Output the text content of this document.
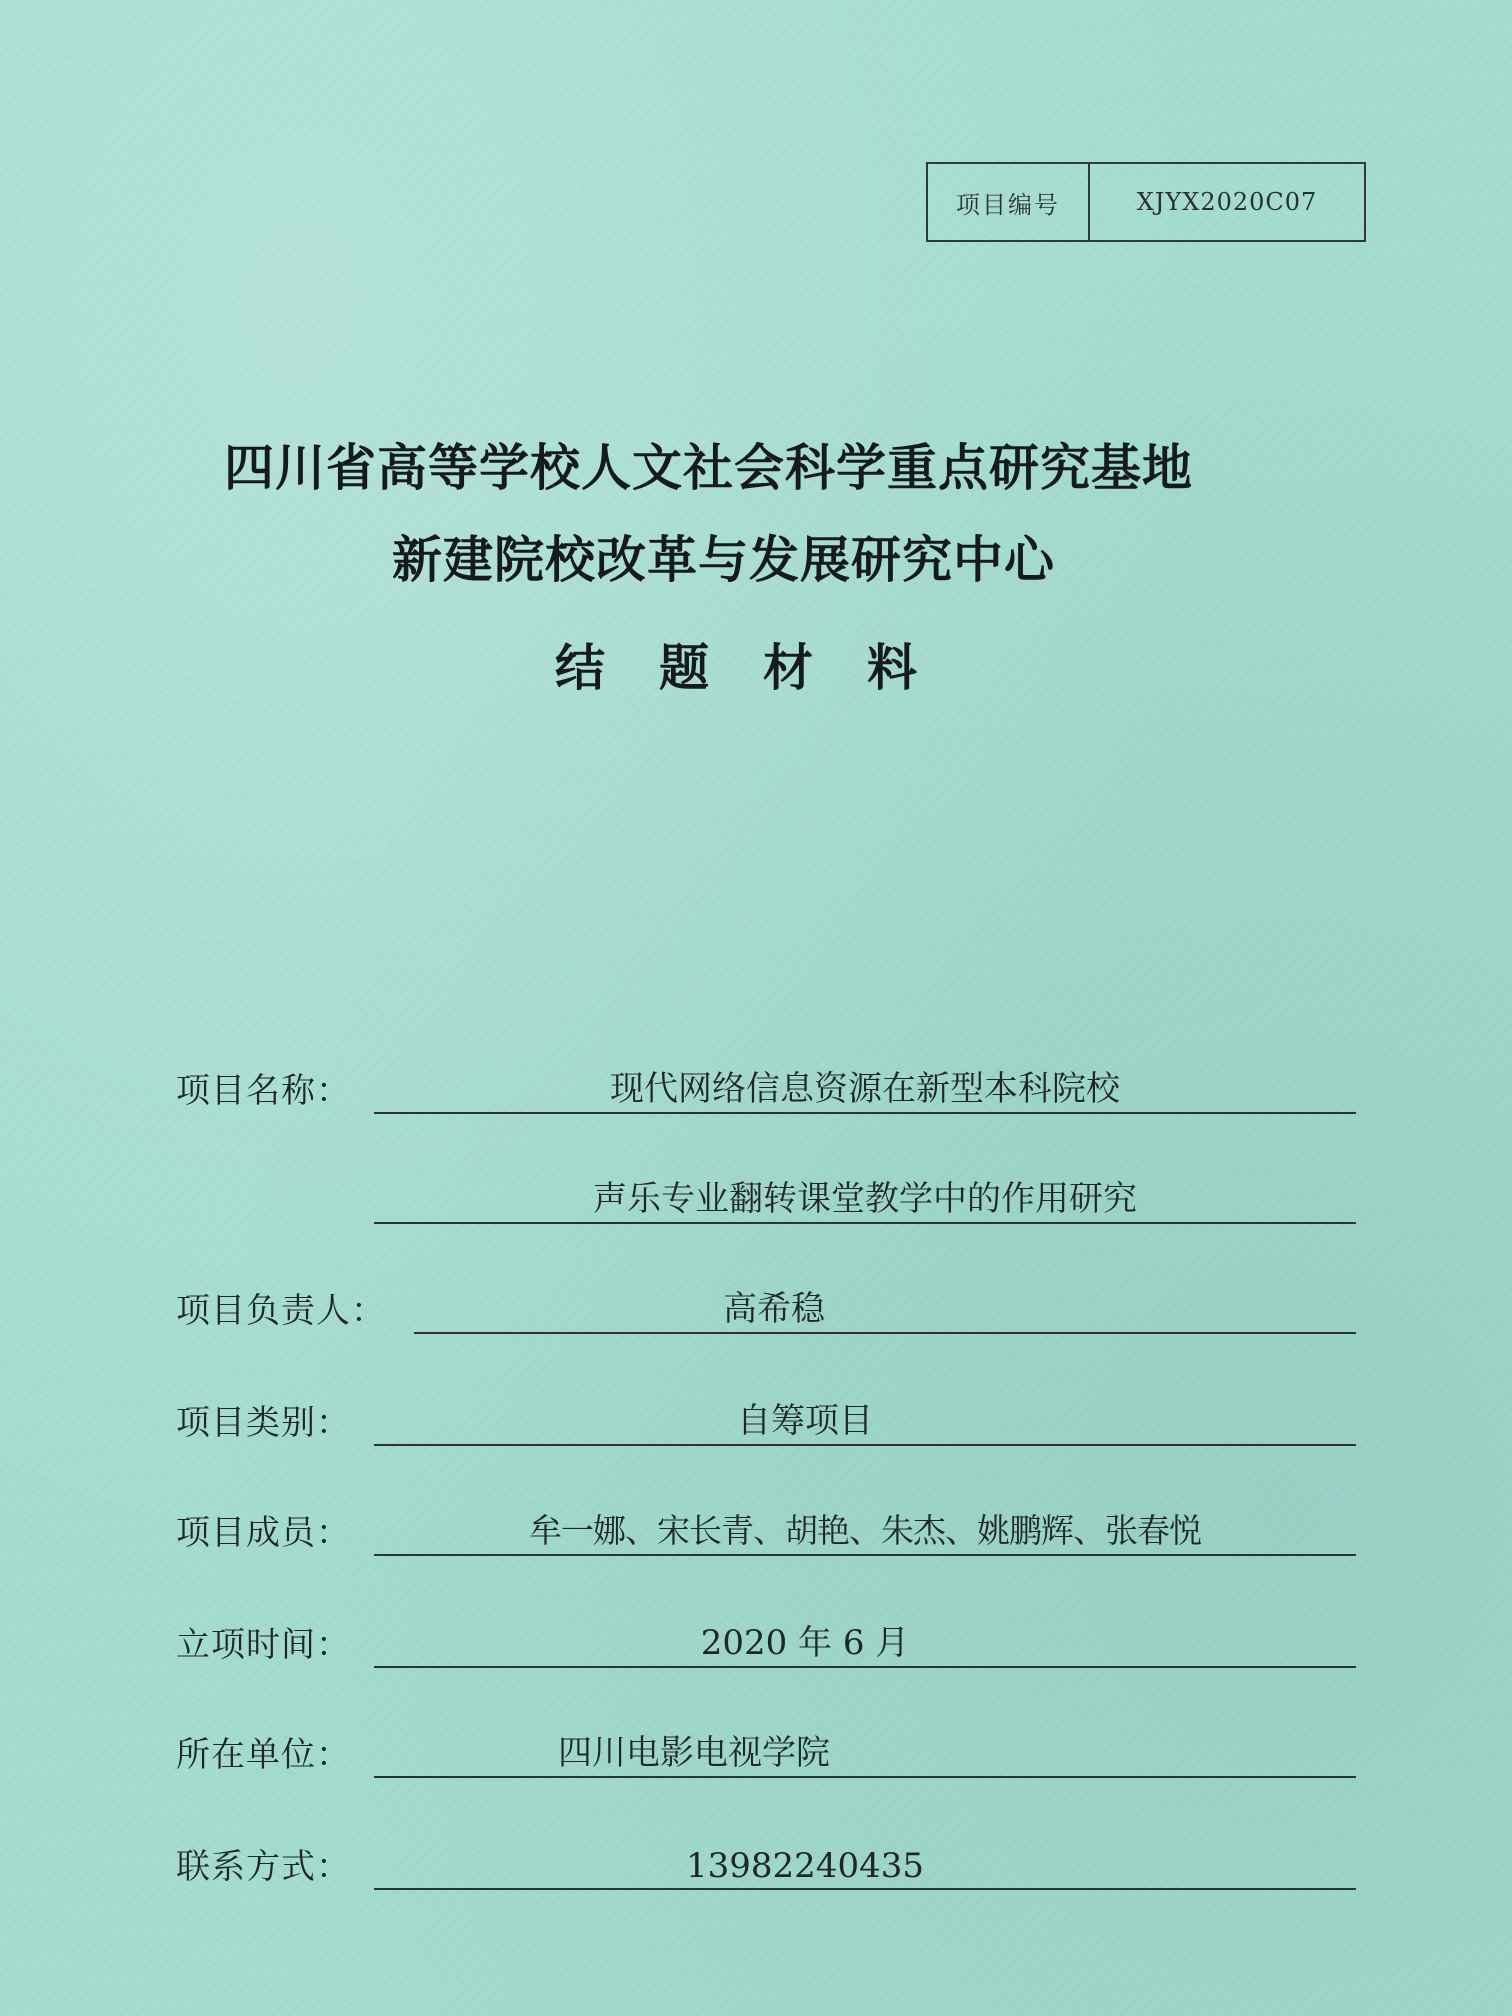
项目编号	XJYX2020C07
四川省高等学校人文社会科学重点研究基地
新建院校改革与发展研究中心
结题材料
项目名称：	现代网络信息资源在新型本科院校
声乐专业翻转课堂教学中的作用研究
项目负责人：	高希稳
项目类别：	自筹项目
项目成员：	牟一娜、宋长青、胡艳、朱杰、姚鹏辉、张春悦
立项时间：	2020 年 6 月
所在单位：	四川电影电视学院
联系方式：	13982240435
